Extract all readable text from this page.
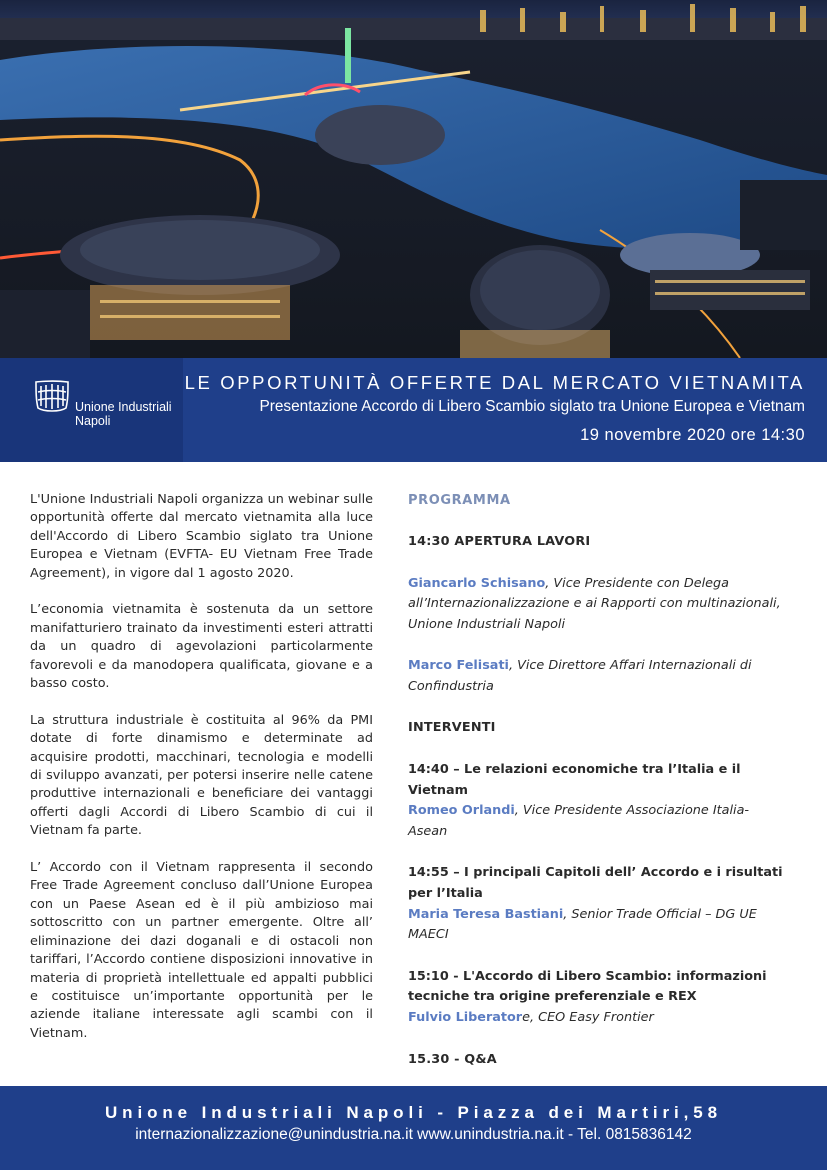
Unione Industriali
Napoli
LE OPPORTUNITÀ OFFERTE DAL MERCATO VIETNAMITA
Presentazione Accordo di Libero Scambio siglato tra Unione Europea e Vietnam
19 novembre 2020 ore 14:30

L'Unione Industriali Napoli organizza un webinar sulle opportunità offerte dal mercato vietnamita alla luce dell'Accordo di Libero Scambio siglato tra Unione Europea e Vietnam (EVFTA- EU Vietnam Free Trade Agreement), in vigore dal 1 agosto 2020.

L’economia vietnamita è sostenuta da un settore manifatturiero trainato da investimenti esteri attratti da un quadro di agevolazioni particolarmente favorevoli e da manodopera qualificata, giovane e a basso costo.

La struttura industriale è costituita al 96% da PMI dotate di forte dinamismo e determinate ad acquisire prodotti, macchinari, tecnologia e modelli di sviluppo avanzati, per potersi inserire nelle catene produttive internazionali e beneficiare dei vantaggi offerti dagli Accordi di Libero Scambio di cui il Vietnam fa parte.

L’ Accordo con il Vietnam rappresenta il secondo Free Trade Agreement concluso dall’Unione Europea con un Paese Asean ed è il più ambizioso mai sottoscritto con un partner emergente. Oltre all’ eliminazione dei dazi doganali e di ostacoli non tariffari, l’Accordo contiene disposizioni innovative in materia di proprietà intellettuale ed appalti pubblici e costituisce un’importante opportunità per le aziende italiane interessate agli scambi con il Vietnam.

PROGRAMMA
14:30 APERTURA LAVORI
Giancarlo Schisano, Vice Presidente con Delega all’Internazionalizzazione e ai Rapporti con multinazionali, Unione Industriali Napoli
Marco Felisati, Vice Direttore Affari Internazionali di Confindustria
INTERVENTI
14:40 – Le relazioni economiche tra l’Italia e il Vietnam
Romeo Orlandi, Vice Presidente Associazione Italia-Asean
14:55 – I principali Capitoli dell’ Accordo e i risultati per l’Italia
Maria Teresa Bastiani, Senior Trade Official – DG UE MAECI
15:10 - L'Accordo di Libero Scambio: informazioni tecniche tra origine preferenziale e REX
Fulvio Liberatore, CEO Easy Frontier
15.30 - Q&A
Unione Industriali Napoli - Piazza dei Martiri,58
internazionalizzazione@unindustria.na.it www.unindustria.na.it - Tel. 0815836142
